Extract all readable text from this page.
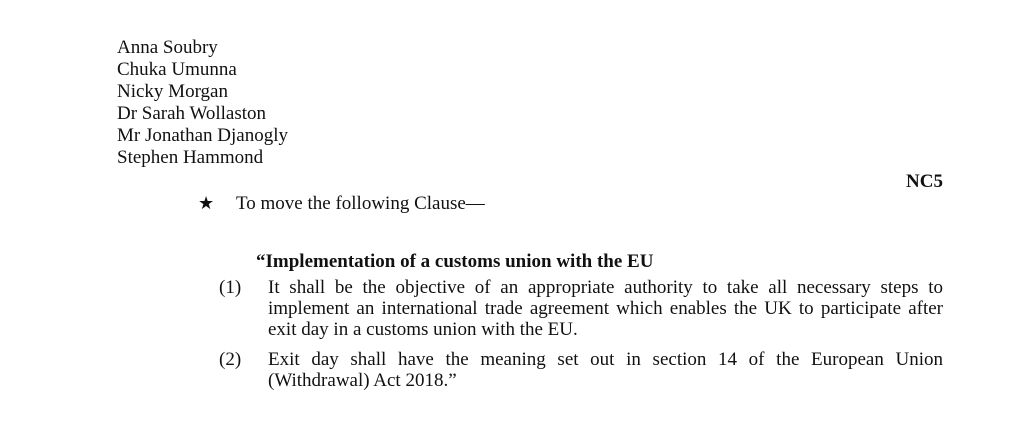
Anna Soubry
Chuka Umunna
Nicky Morgan
Dr Sarah Wollaston
Mr Jonathan Djanogly
Stephen Hammond
NC5
★ To move the following Clause—
“Implementation of a customs union with the EU
(1) It shall be the objective of an appropriate authority to take all necessary steps to implement an international trade agreement which enables the UK to participate after exit day in a customs union with the EU.
(2) Exit day shall have the meaning set out in section 14 of the European Union (Withdrawal) Act 2018.”
